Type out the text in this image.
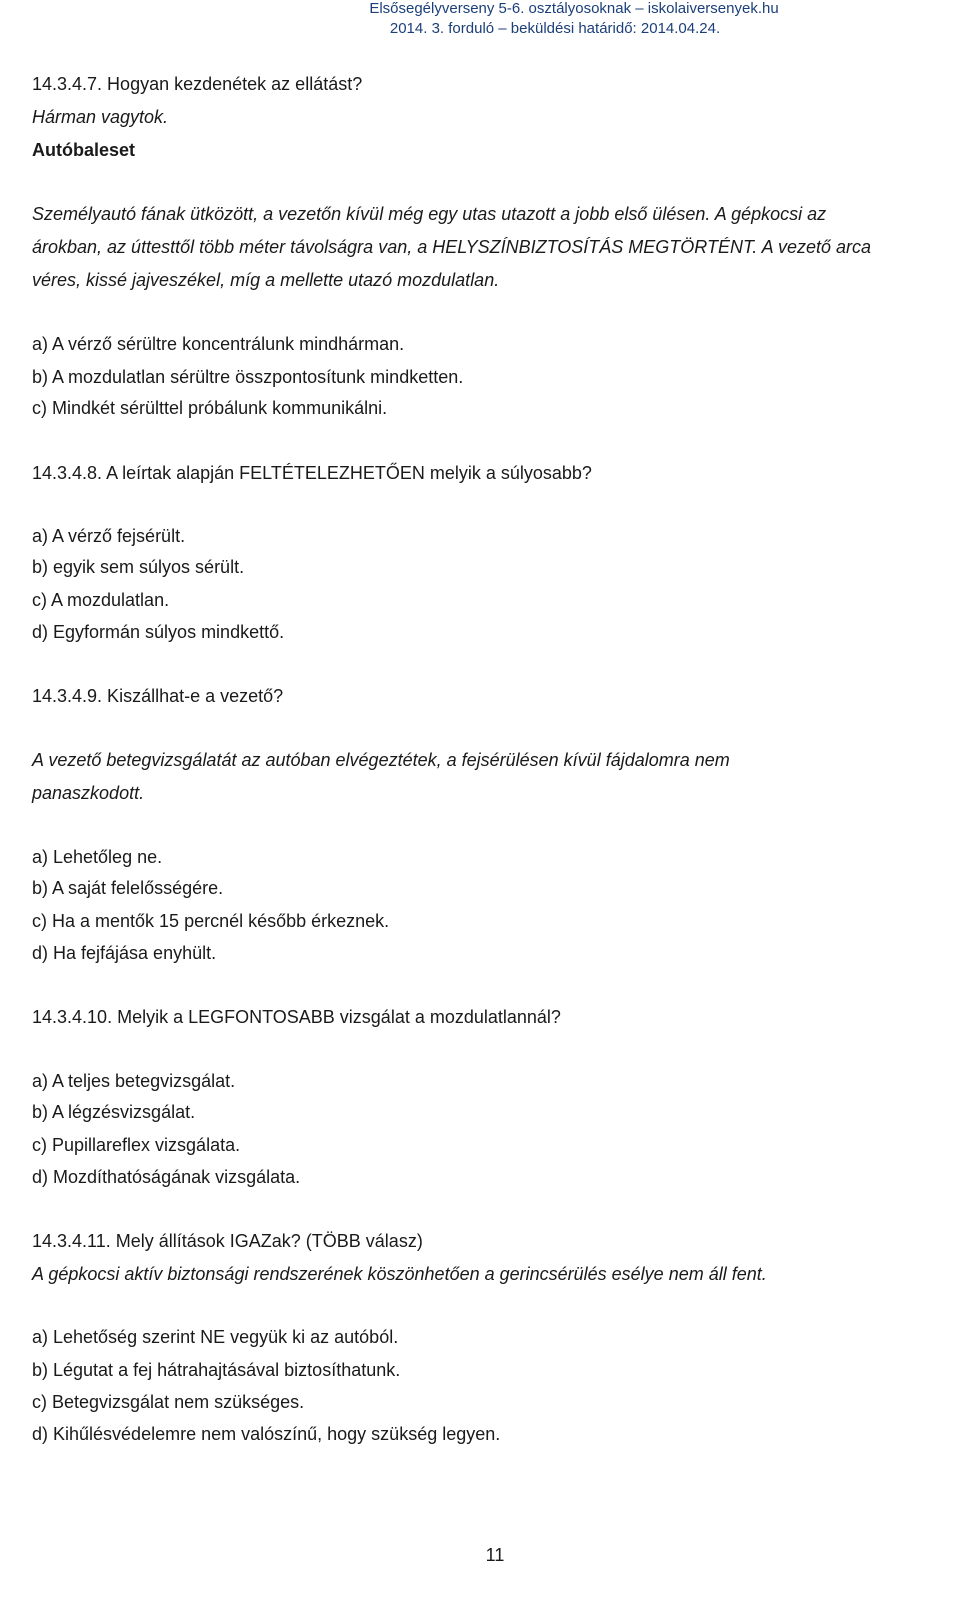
Elsősegélyverseny 5-6. osztályosoknak – iskolaiversenyek.hu
2014. 3. forduló – beküldési határidő: 2014.04.24.
14.3.4.7. Hogyan kezdenétek az ellátást?
Hárman vagytok.
Autóbaleset
Személyautó fának ütközött, a vezetőn kívül még egy utas utazott a jobb első ülésen. A gépkocsi az
árokban, az úttesttől több méter távolságra van, a HELYSZÍNBIZTOSÍTÁS MEGTÖRTÉNT. A vezető arca
véres, kissé jajveszékel, míg a mellette utazó mozdulatlan.
a) A vérző sérültre koncentrálunk mindhárman.
b) A mozdulatlan sérültre összpontosítunk mindketten.
c) Mindkét sérülttel próbálunk kommunikálni.
14.3.4.8. A leírtak alapján FELTÉTELEZHETŐEN melyik a súlyosabb?
a) A vérző fejsérült.
b) egyik sem súlyos sérült.
c) A mozdulatlan.
d) Egyformán súlyos mindkettő.
14.3.4.9. Kiszállhat-e a vezető?
A vezető betegvizsgálatát az autóban elvégeztétek, a fejsérülésen kívül fájdalomra nem
panaszkodott.
a) Lehetőleg ne.
b) A saját felelősségére.
c) Ha a mentők 15 percnél később érkeznek.
d) Ha fejfájása enyhült.
14.3.4.10. Melyik a LEGFONTOSABB vizsgálat a mozdulatlannál?
a) A teljes betegvizsgálat.
b) A légzésvizsgálat.
c) Pupillareflex vizsgálata.
d) Mozdíthatóságának vizsgálata.
14.3.4.11. Mely állítások IGAZak? (TÖBB válasz)
A gépkocsi aktív biztonsági rendszerének köszönhetően a gerincsérülés esélye nem áll fent.
a) Lehetőség szerint NE vegyük ki az autóból.
b) Légutat a fej hátrahajtásával biztosíthatunk.
c) Betegvizsgálat nem szükséges.
d) Kihűlésvédelemre nem valószínű, hogy szükség legyen.
11
